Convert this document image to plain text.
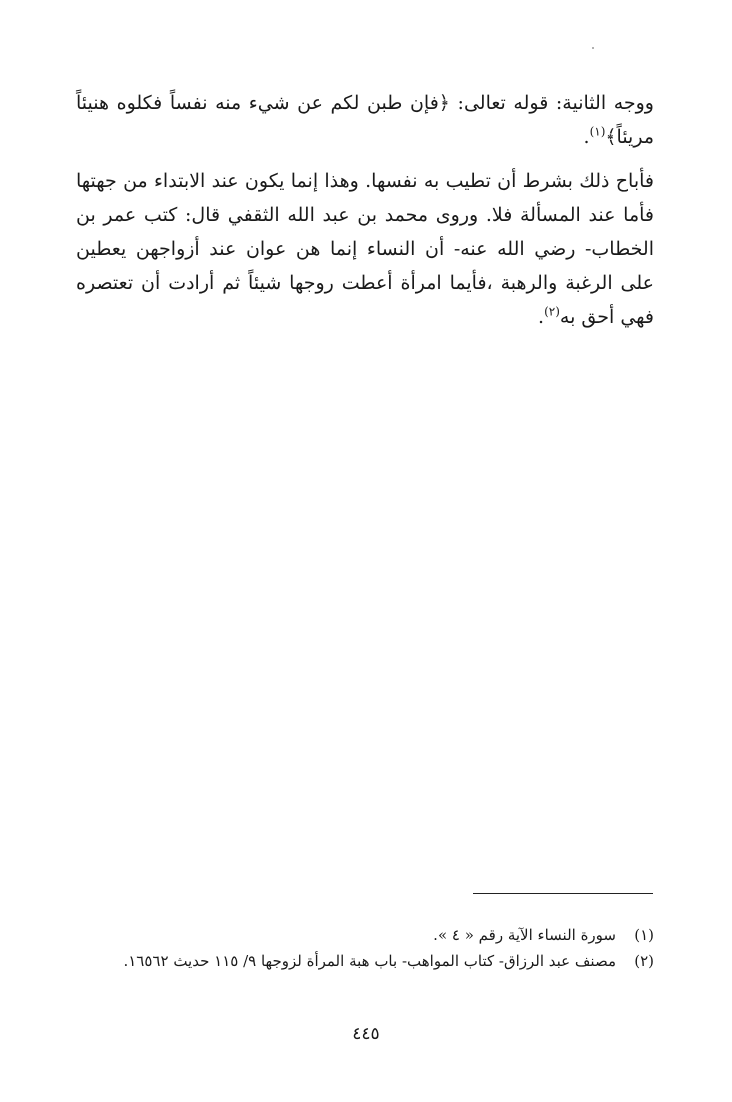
ووجه الثانية: قوله تعالى: ﴿فإن طبن لكم عن شيء منه نفساً فكلوه هنيئاً مريئاً﴾$^{(١)}$.

فأباح ذلك بشرط أن تطيب به نفسها. وهذا إنما يكون عند الابتداء من جهتها فأما عند المسألة فلا. وروى محمد بن عبد الله الثقفي قال: كتب عمر بن الخطاب- رضي الله عنه- أن النساء إنما هن عوان عند أزواجهن يعطين على الرغبة والرهبة ،فأيما امرأة أعطت روجها شيئاً ثم أرادت أن تعتصره فهي أحق به$^{(٢)}$.

(١)
سورة النساء الآية رقم « ٤ ».
(٢)
مصنف عبد الرزاق- كتاب المواهب- باب هبة المرأة لزوجها ٩/ ١١٥ حديث ١٦٥٦٢.
٤٤٥
